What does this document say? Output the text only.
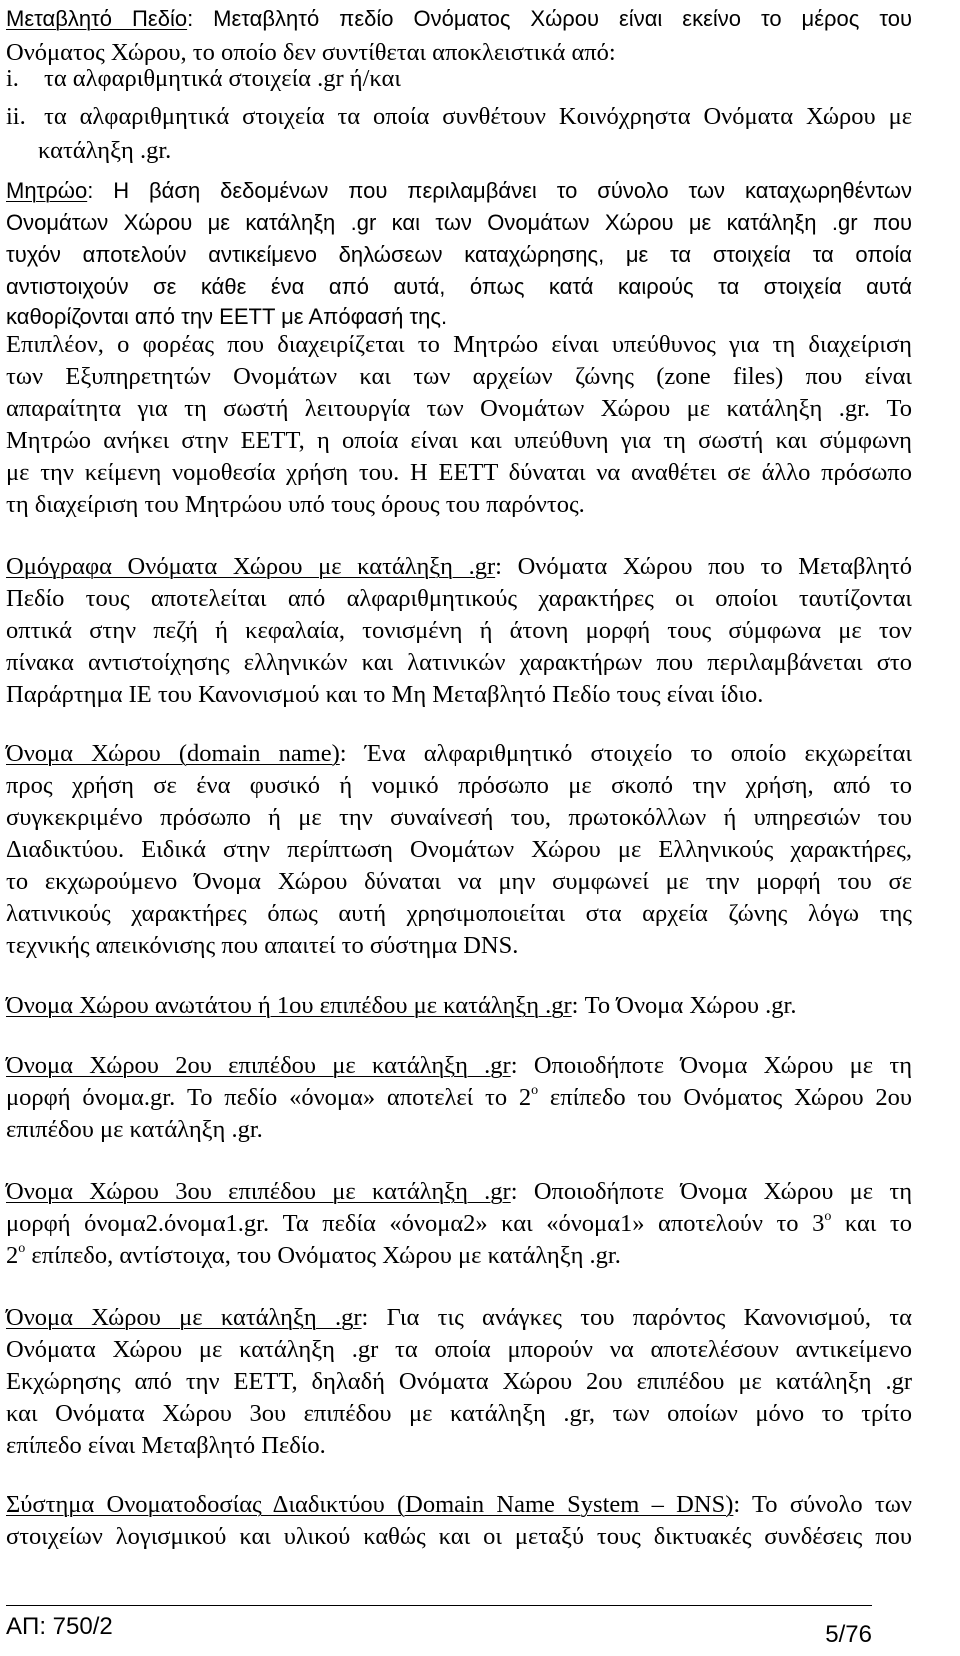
Μεταβλητό Πεδίο: Μεταβλητό πεδίο Ονόματος Χώρου είναι εκείνο το μέρος του
Ονόματος Χώρου, το οποίο δεν συντίθεται αποκλειστικά από:
i. τα αλφαριθμητικά στοιχεία .gr ή/και
ii. τα αλφαριθμητικά στοιχεία τα οποία συνθέτουν Κοινόχρηστα Ονόματα Χώρου με
κατάληξη .gr.
Μητρώο: Η βάση δεδομένων που περιλαμβάνει το σύνολο των καταχωρηθέντων
Ονομάτων Χώρου με κατάληξη .gr και των Ονομάτων Χώρου με κατάληξη .gr που
τυχόν αποτελούν αντικείμενο δηλώσεων καταχώρησης, με τα στοιχεία τα οποία
αντιστοιχούν σε κάθε ένα από αυτά, όπως κατά καιρούς τα στοιχεία αυτά
καθορίζονται από την ΕΕΤΤ με Απόφασή της.
Επιπλέον, ο φορέας που διαχειρίζεται το Μητρώο είναι υπεύθυνος για τη διαχείριση
των Εξυπηρετητών Ονομάτων και των αρχείων ζώνης (zone files) που είναι
απαραίτητα για τη σωστή λειτουργία των Ονομάτων Χώρου με κατάληξη .gr. Το
Μητρώο ανήκει στην ΕΕΤΤ, η οποία είναι και υπεύθυνη για τη σωστή και σύμφωνη
με την κείμενη νομοθεσία χρήση του. Η ΕΕΤΤ δύναται να αναθέτει σε άλλο πρόσωπο
τη διαχείριση του Μητρώου υπό τους όρους του παρόντος.
Ομόγραφα Ονόματα Χώρου με κατάληξη .gr: Ονόματα Χώρου που το Μεταβλητό
Πεδίο τους αποτελείται από αλφαριθμητικούς χαρακτήρες οι οποίοι ταυτίζονται
οπτικά στην πεζή ή κεφαλαία, τονισμένη ή άτονη μορφή τους σύμφωνα με τον
πίνακα αντιστοίχησης ελληνικών και λατινικών χαρακτήρων που περιλαμβάνεται στο
Παράρτημα ΙΕ του Κανονισμού και το Μη Μεταβλητό Πεδίο τους είναι ίδιο.
Όνομα Χώρου (domain name): Ένα αλφαριθμητικό στοιχείο το οποίο εκχωρείται
προς χρήση σε ένα φυσικό ή νομικό πρόσωπο με σκοπό την χρήση, από το
συγκεκριμένο πρόσωπο ή με την συναίνεσή του, πρωτοκόλλων ή υπηρεσιών του
Διαδικτύου. Ειδικά στην περίπτωση Ονομάτων Χώρου με Ελληνικούς χαρακτήρες,
το εκχωρούμενο Όνομα Χώρου δύναται να μην συμφωνεί με την μορφή του σε
λατινικούς χαρακτήρες όπως αυτή χρησιμοποιείται στα αρχεία ζώνης λόγω της
τεχνικής απεικόνισης που απαιτεί το σύστημα DNS.
Όνομα Χώρου ανωτάτου ή 1ου επιπέδου με κατάληξη .gr: Το Όνομα Χώρου .gr.
Όνομα Χώρου 2ου επιπέδου με κατάληξη .gr: Οποιοδήποτε Όνομα Χώρου με τη
μορφή όνομα.gr. Το πεδίο «όνομα» αποτελεί το $2^o$ επίπεδο του Ονόματος Χώρου 2ου
επιπέδου με κατάληξη .gr.
Όνομα Χώρου 3ου επιπέδου με κατάληξη .gr: Οποιοδήποτε Όνομα Χώρου με τη
μορφή όνομα2.όνομα1.gr. Τα πεδία «όνομα2» και «όνομα1» αποτελούν το $3^o$ και το
$2^o$ επίπεδο, αντίστοιχα, του Ονόματος Χώρου με κατάληξη .gr.
Όνομα Χώρου με κατάληξη .gr: Για τις ανάγκες του παρόντος Κανονισμού, τα
Ονόματα Χώρου με κατάληξη .gr τα οποία μπορούν να αποτελέσουν αντικείμενο
Εκχώρησης από την ΕΕΤΤ, δηλαδή Ονόματα Χώρου 2ου επιπέδου με κατάληξη .gr
και Ονόματα Χώρου 3ου επιπέδου με κατάληξη .gr, των οποίων μόνο το τρίτο
επίπεδο είναι Μεταβλητό Πεδίο.
Σύστημα Ονοματοδοσίας Διαδικτύου (Domain Name System – DNS): Το σύνολο των
στοιχείων λογισμικού και υλικού καθώς και οι μεταξύ τους δικτυακές συνδέσεις που
ΑΠ: 750/2	5/76
